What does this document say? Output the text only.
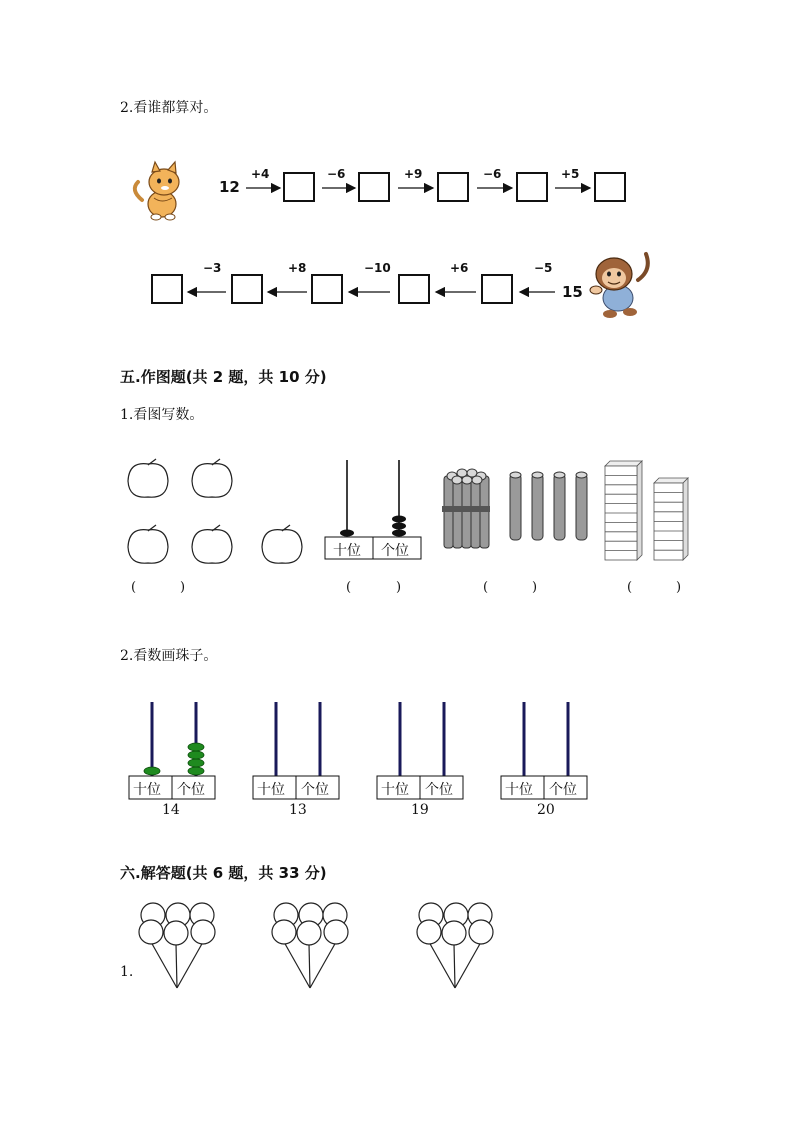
2.看谁都算对。
12
+4	−6	+9	−6	+5
−5
+6
−10
+8
−3
15
五.作图题(共 2 题，共 10 分)
1.看图写数。
十位 个位
(	)	(	)	(	)	(	)
2.看数画珠子。
十位 个位	十位 个位	十位 个位	十位 个位
14	13	19	20
六.解答题(共 6 题，共 33 分)
1.
